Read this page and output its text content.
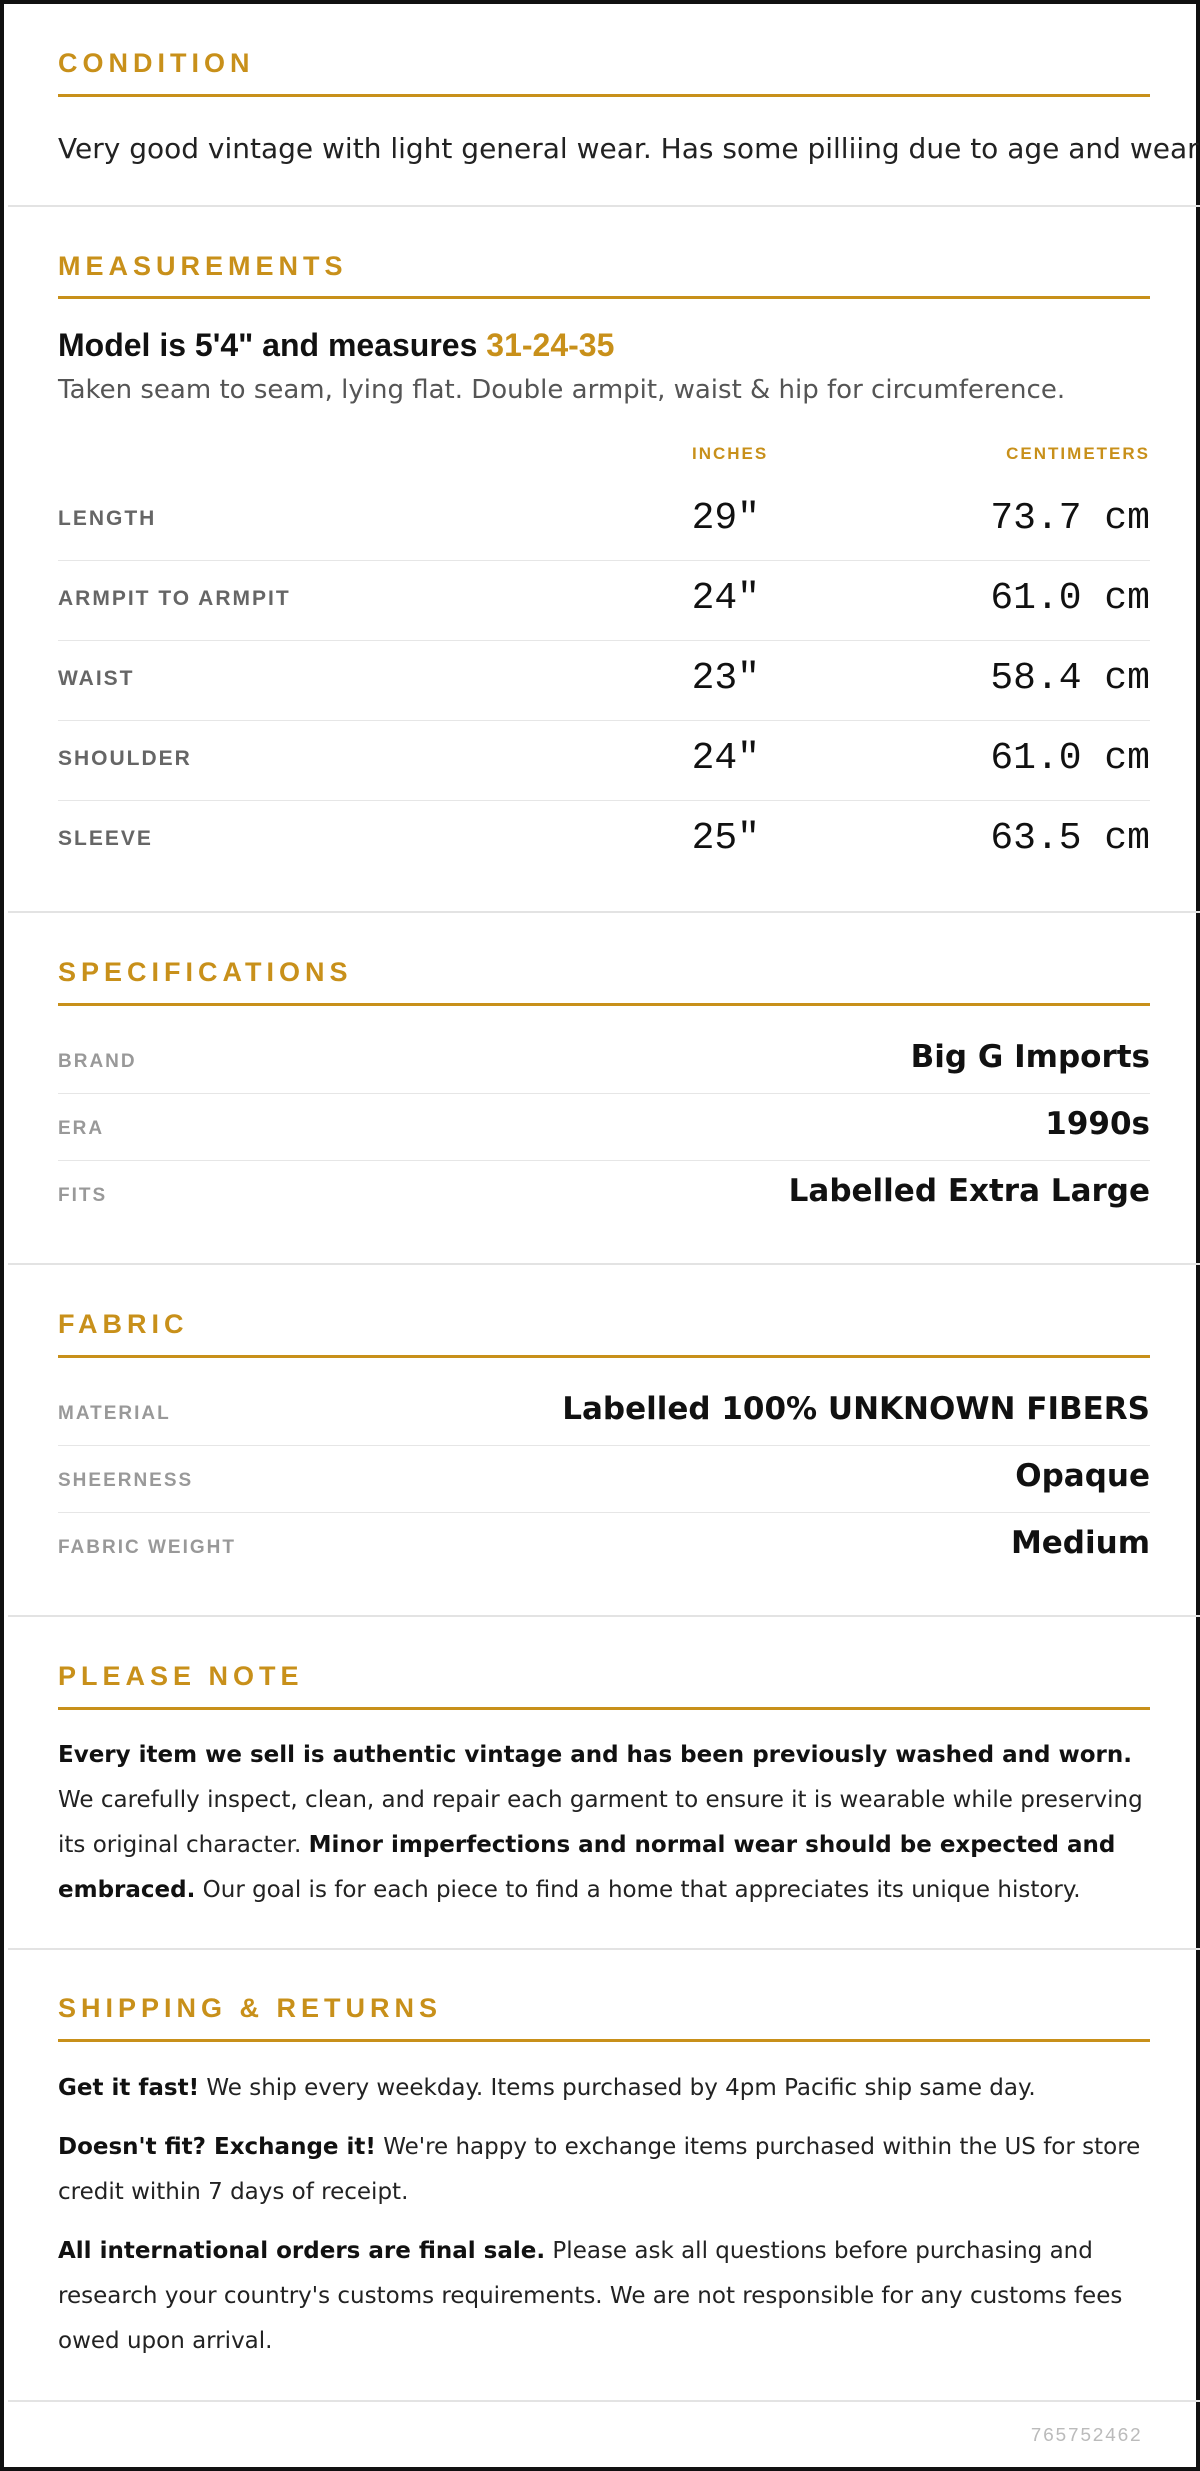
CONDITION
Very good vintage with light general wear. Has some pilliing due to age and wear
MEASUREMENTS
Model is 5'4" and measures 31-24-35
Taken seam to seam, lying flat. Double armpit, waist & hip for circumference.
INCHES	CENTIMETERS
LENGTH	29"	73.7 cm
ARMPIT TO ARMPIT	24"	61.0 cm
WAIST	23"	58.4 cm
SHOULDER	24"	61.0 cm
SLEEVE	25"	63.5 cm
SPECIFICATIONS
BRAND	Big G Imports
ERA	1990s
FITS	Labelled Extra Large
FABRIC
MATERIAL	Labelled 100% UNKNOWN FIBERS
SHEERNESS	Opaque
FABRIC WEIGHT	Medium
PLEASE NOTE
Every item we sell is authentic vintage and has been previously washed and worn. We carefully inspect, clean, and repair each garment to ensure it is wearable while preserving its original character. Minor imperfections and normal wear should be expected and embraced. Our goal is for each piece to find a home that appreciates its unique history.
SHIPPING & RETURNS
Get it fast! We ship every weekday. Items purchased by 4pm Pacific ship same day.
Doesn't fit? Exchange it! We're happy to exchange items purchased within the US for store credit within 7 days of receipt.
All international orders are final sale. Please ask all questions before purchasing and research your country's customs requirements. We are not responsible for any customs fees owed upon arrival.
765752462
